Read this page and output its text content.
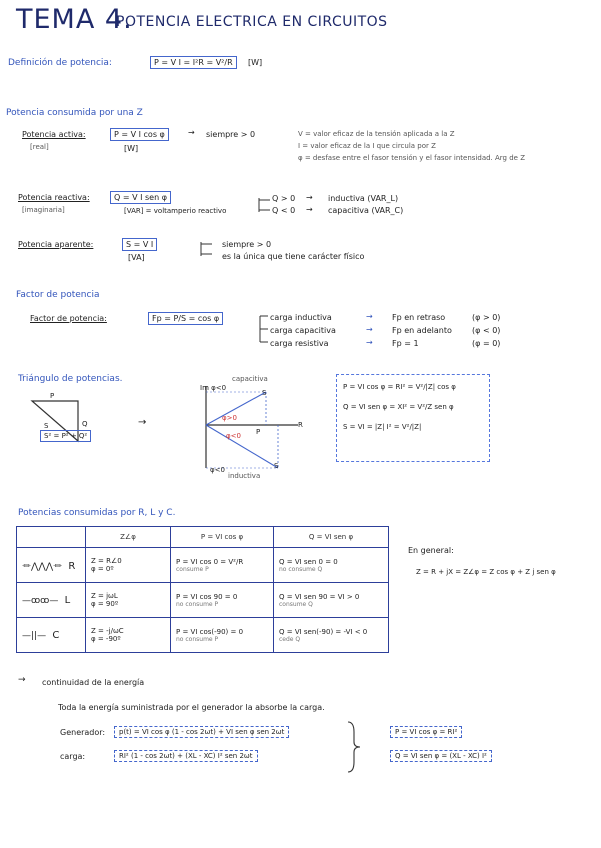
TEMA 4.
POTENCIA ELECTRICA EN CIRCUITOS
Definición de potencia:	P = V I = I²R = V²/R	[W]
Potencia consumida por una Z
Potencia activa:
[real]
P = V I cos φ
[W]
→ siempre > 0	V = valor eficaz de la tensión aplicada a la Z
I = valor eficaz de la I que circula por Z
φ = desfase entre el fasor tensión y el fasor intensidad. Arg de Z
Potencia reactiva:
[imaginaria]
Q = V I sen φ
[VAR] = voltamperio reactivo
Q > 0 → inductiva (VAR_L)
Q < 0 → capacitiva (VAR_C)
Potencia aparente:	S = V I
[VA]
siempre > 0
es la única que tiene carácter físico
Factor de potencia
Factor de potencia:	Fp = P/S = cos φ	carga inductiva	→ Fp en retraso	(φ > 0)
carga capacitiva	→ Fp en adelanto	(φ < 0)
carga resistiva	→ Fp = 1	(φ = 0)
Triángulo de potencias.
P
S	Q
S² = P² + Q²
→
Im φ<0
capacitiva
inductiva
S
S
R
P
φ>0
φ<0
φ<0
P = VI cos φ = RI² = V²/|Z| cos φ
Q = VI sen φ = XI² = V²/Z sen φ
S = VI = |Z| I² = V²/|Z|
Potencias consumidas por R, L y C.
	Z∠φ	P = VI cos φ	Q = VI sen φ
⏛⋀⋀⋀⏛ R	Z = R∠0
φ = 0º	P = VI cos 0 = V²/R
consume P	Q = VI sen 0 = 0
no consume Q

—ꝏꝏ— L	Z = jωL
φ = 90º	P = VI cos 90 = 0
no consume P	Q = VI sen 90 = VI > 0
consume Q

—||— C	Z = -j/ωC
φ = -90º	P = VI cos(-90) = 0
no consume P	Q = VI sen(-90) = -VI < 0
cede Q
En general:
Z = R + jX = Z∠φ = Z cos φ + Z j sen φ
→ continuidad de la energía
Toda la energía suministrada por el generador la absorbe la carga.
Generador:	p(t) = VI cos φ (1 - cos 2ωt) + VI sen φ sen 2ωt
carga:	RI² (1 - cos 2ωt) + (XL - XC) I² sen 2ωt
P = VI cos φ = RI²
Q = VI sen φ = (XL - XC) I²
